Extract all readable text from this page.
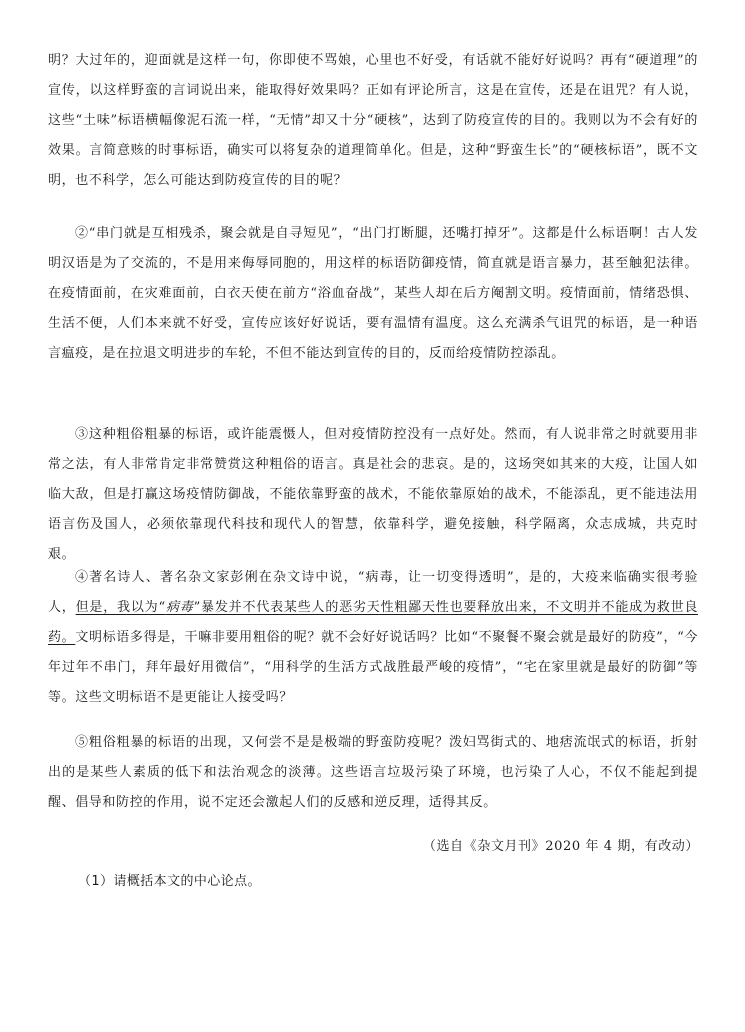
明？大过年的，迎面就是这样一句，你即使不骂娘，心里也不好受，有话就不能好好说吗？再有“硬道理”的宣传，以这样野蛮的言词说出来，能取得好效果吗？正如有评论所言，这是在宣传，还是在诅咒？有人说，这些“土味”标语横幅像泥石流一样，“无情”却又十分“硬核”，达到了防疫宣传的目的。我则以为不会有好的效果。言简意赅的时事标语，确实可以将复杂的道理简单化。但是，这种“野蛮生长”的“硬核标语”，既不文明，也不科学，怎么可能达到防疫宣传的目的呢？

②“串门就是互相残杀，聚会就是自寻短见”，“出门打断腿，还嘴打掉牙”。这都是什么标语啊！古人发明汉语是为了交流的，不是用来侮辱同胞的，用这样的标语防御疫情，简直就是语言暴力，甚至触犯法律。在疫情面前，在灾难面前，白衣天使在前方“浴血奋战”，某些人却在后方阉割文明。疫情面前，情绪恐惧、生活不便，人们本来就不好受，宣传应该好好说话，要有温情有温度。这么充满杀气诅咒的标语，是一种语言瘟疫，是在拉退文明进步的车轮，不但不能达到宣传的目的，反而给疫情防控添乱。

③这种粗俗粗暴的标语，或许能震慑人，但对疫情防控没有一点好处。然而，有人说非常之时就要用非常之法，有人非常肯定非常赞赏这种粗俗的语言。真是社会的悲哀。是的，这场突如其来的大疫，让国人如临大敌，但是打赢这场疫情防御战，不能依靠野蛮的战术，不能依靠原始的战术，不能添乱，更不能违法用语言伤及国人，必须依靠现代科技和现代人的智慧，依靠科学，避免接触，科学隔离，众志成城，共克时艰。

④著名诗人、著名杂文家彭俐在杂文诗中说，“病毒，让一切变得透明”，是的，大疫来临确实很考验人，但是，我以为“病毒”暴发并不代表某些人的恶劣天性粗鄙天性也要释放出来，不文明并不能成为救世良药。文明标语多得是，干嘛非要用粗俗的呢？就不会好好说话吗？比如“不聚餐不聚会就是最好的防疫”，“今年过年不串门，拜年最好用微信”，“用科学的生活方式战胜最严峻的疫情”，“宅在家里就是最好的防御”等等。这些文明标语不是更能让人接受吗？

⑤粗俗粗暴的标语的出现，又何尝不是是极端的野蛮防疫呢？泼妇骂街式的、地痞流氓式的标语，折射出的是某些人素质的低下和法治观念的淡薄。这些语言垃圾污染了环境，也污染了人心，不仅不能起到提醒、倡导和防控的作用，说不定还会激起人们的反感和逆反理，适得其反。

（选自《杂文月刊》2020 年 4 期，有改动）

（1）请概括本文的中心论点。
